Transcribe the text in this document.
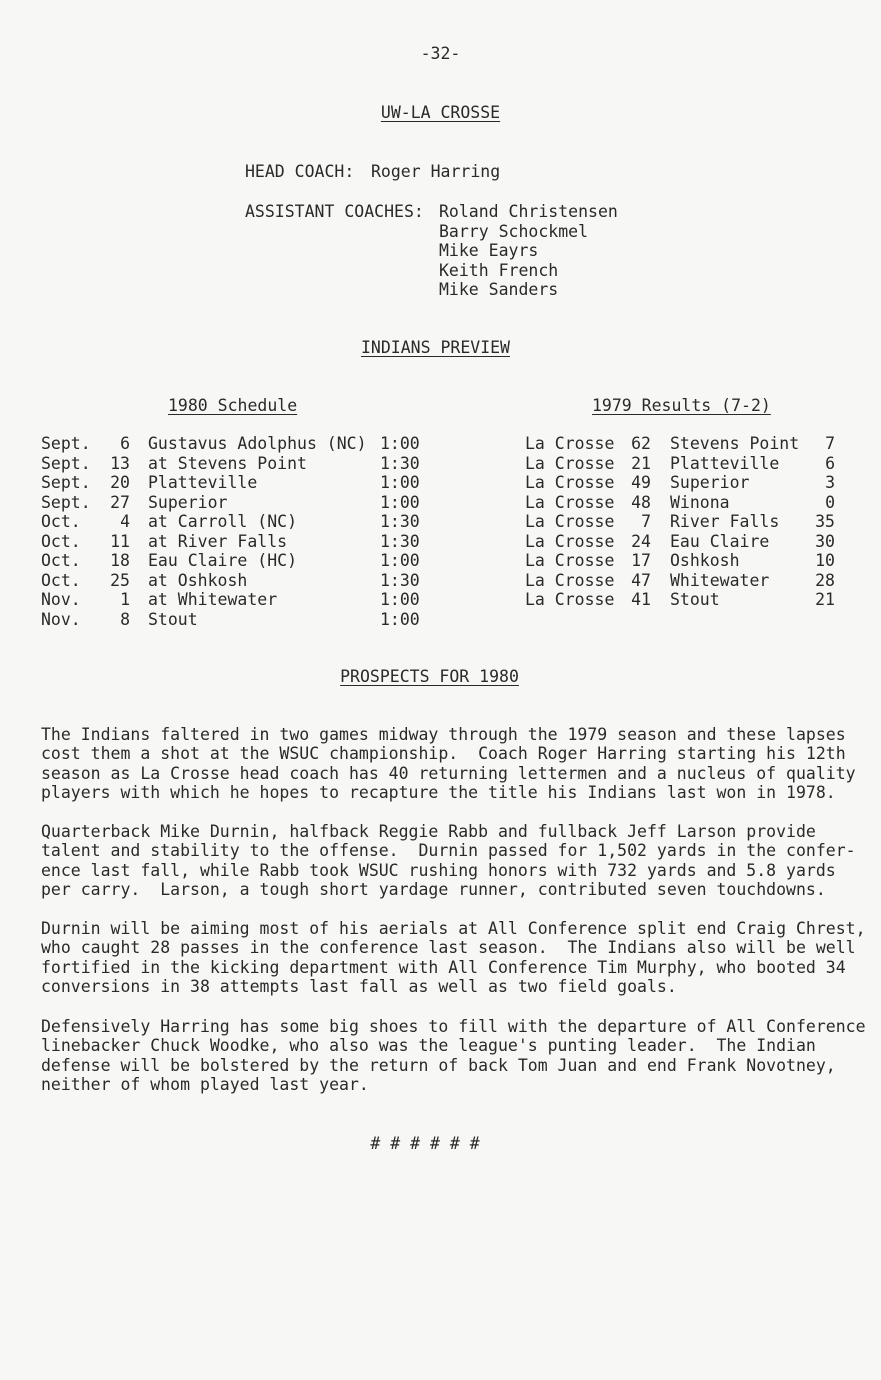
-32-
UW-LA CROSSE
HEAD COACH: Roger Harring
ASSISTANT COACHES: Roland Christensen
Barry Schockmel
Mike Eayrs
Keith French
Mike Sanders
INDIANS PREVIEW
1980 Schedule	1979 Results (7-2)
Sept.	6 Gustavus Adolphus (NC) 1:00
Sept.	13 at Stevens Point	1:30
Sept.	20 Platteville	1:00
Sept.	27 Superior	1:00
Oct.	4 at Carroll (NC)	1:30
Oct.	11 at River Falls	1:30
Oct.	18 Eau Claire (HC)	1:00
Oct.	25 at Oshkosh	1:30
Nov.	1 at Whitewater	1:00
Nov.	8 Stout	1:00
La Crosse	62 Stevens Point	7
La Crosse	21 Platteville	6
La Crosse	49 Superior	3
La Crosse	48 Winona	0
La Crosse	7 River Falls	35
La Crosse	24 Eau Claire	30
La Crosse	17 Oshkosh	10
La Crosse	47 Whitewater	28
La Crosse	41 Stout	21
PROSPECTS FOR 1980
The Indians faltered in two games midway through the 1979 season and these lapses
cost them a shot at the WSUC championship.  Coach Roger Harring starting his 12th
season as La Crosse head coach has 40 returning lettermen and a nucleus of quality
players with which he hopes to recapture the title his Indians last won in 1978.
Quarterback Mike Durnin, halfback Reggie Rabb and fullback Jeff Larson provide
talent and stability to the offense.  Durnin passed for 1,502 yards in the confer-
ence last fall, while Rabb took WSUC rushing honors with 732 yards and 5.8 yards
per carry.  Larson, a tough short yardage runner, contributed seven touchdowns.
Durnin will be aiming most of his aerials at All Conference split end Craig Chrest,
who caught 28 passes in the conference last season.  The Indians also will be well
fortified in the kicking department with All Conference Tim Murphy, who booted 34
conversions in 38 attempts last fall as well as two field goals.
Defensively Harring has some big shoes to fill with the departure of All Conference
linebacker Chuck Woodke, who also was the league's punting leader.  The Indian
defense will be bolstered by the return of back Tom Juan and end Frank Novotney,
neither of whom played last year.
# # # # # #
